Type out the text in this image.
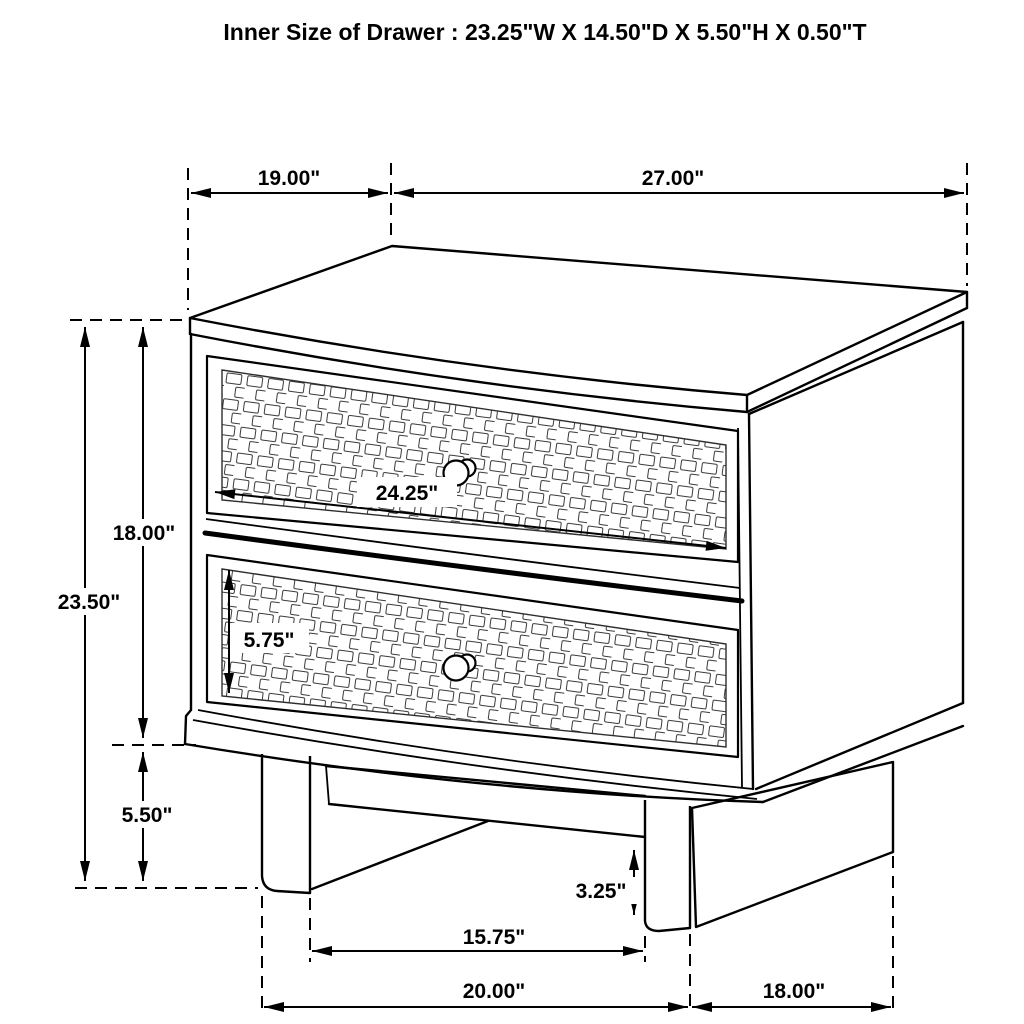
Inner Size of Drawer : 23.25"W X 14.50"D X 5.50"H X 0.50"T
19.00"	27.00"
23.50"
18.00"
5.50"
24.25"
5.75"
3.25"
15.75"
20.00"	18.00"
